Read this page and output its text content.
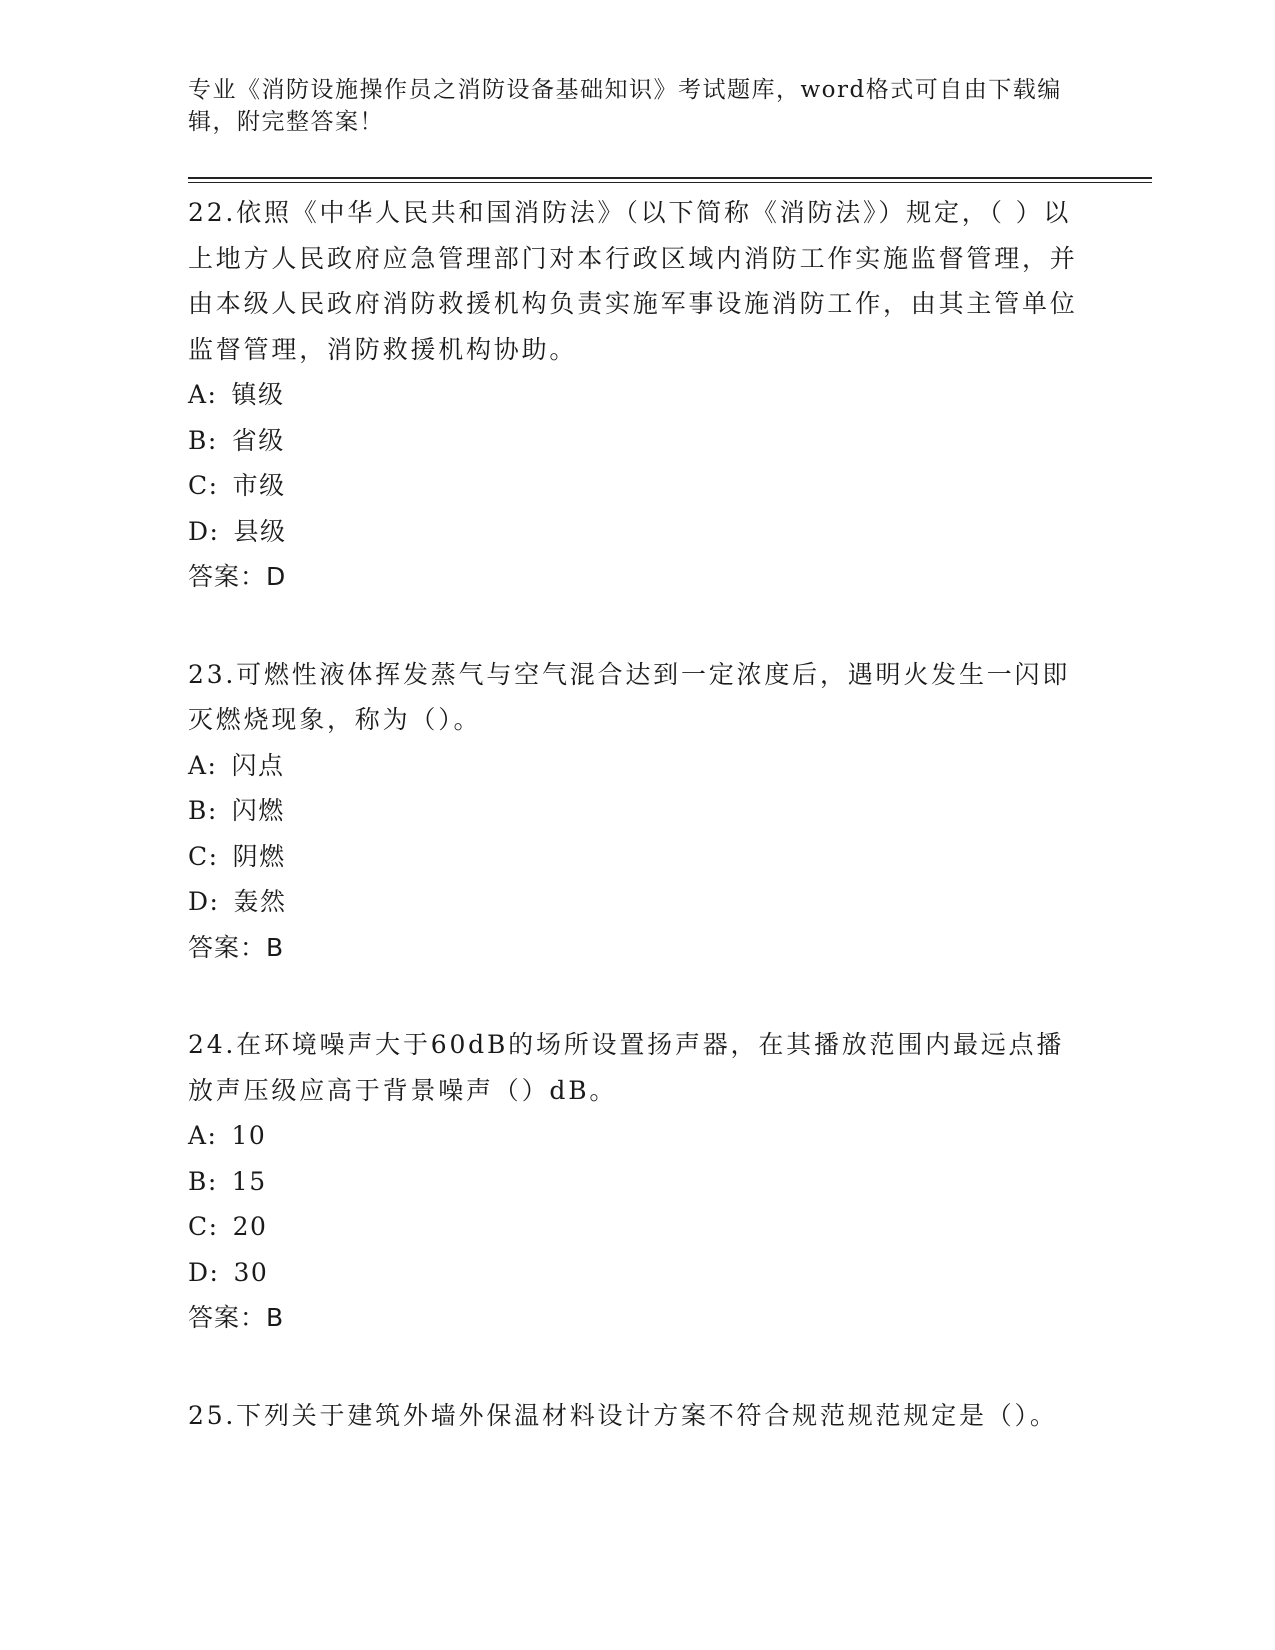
专业《消防设施操作员之消防设备基础知识》考试题库，word格式可自由下载编辑，附完整答案！

22.依照《中华人民共和国消防法》（以下简称《消防法》）规定，（ ）以上地方人民政府应急管理部门对本行政区域内消防工作实施监督管理，并由本级人民政府消防救援机构负责实施军事设施消防工作，由其主管单位监督管理，消防救援机构协助。

A: 镇级

B: 省级

C: 市级

D: 县级

答案：D

23.可燃性液体挥发蒸气与空气混合达到一定浓度后，遇明火发生一闪即灭燃烧现象，称为（）。

A: 闪点

B: 闪燃

C: 阴燃

D: 轰然

答案：B

24.在环境噪声大于60dB的场所设置扬声器，在其播放范围内最远点播放声压级应高于背景噪声（）dB。

A: 10

B: 15

C: 20

D: 30

答案：B

25.下列关于建筑外墙外保温材料设计方案不符合规范规范规定是（）。
